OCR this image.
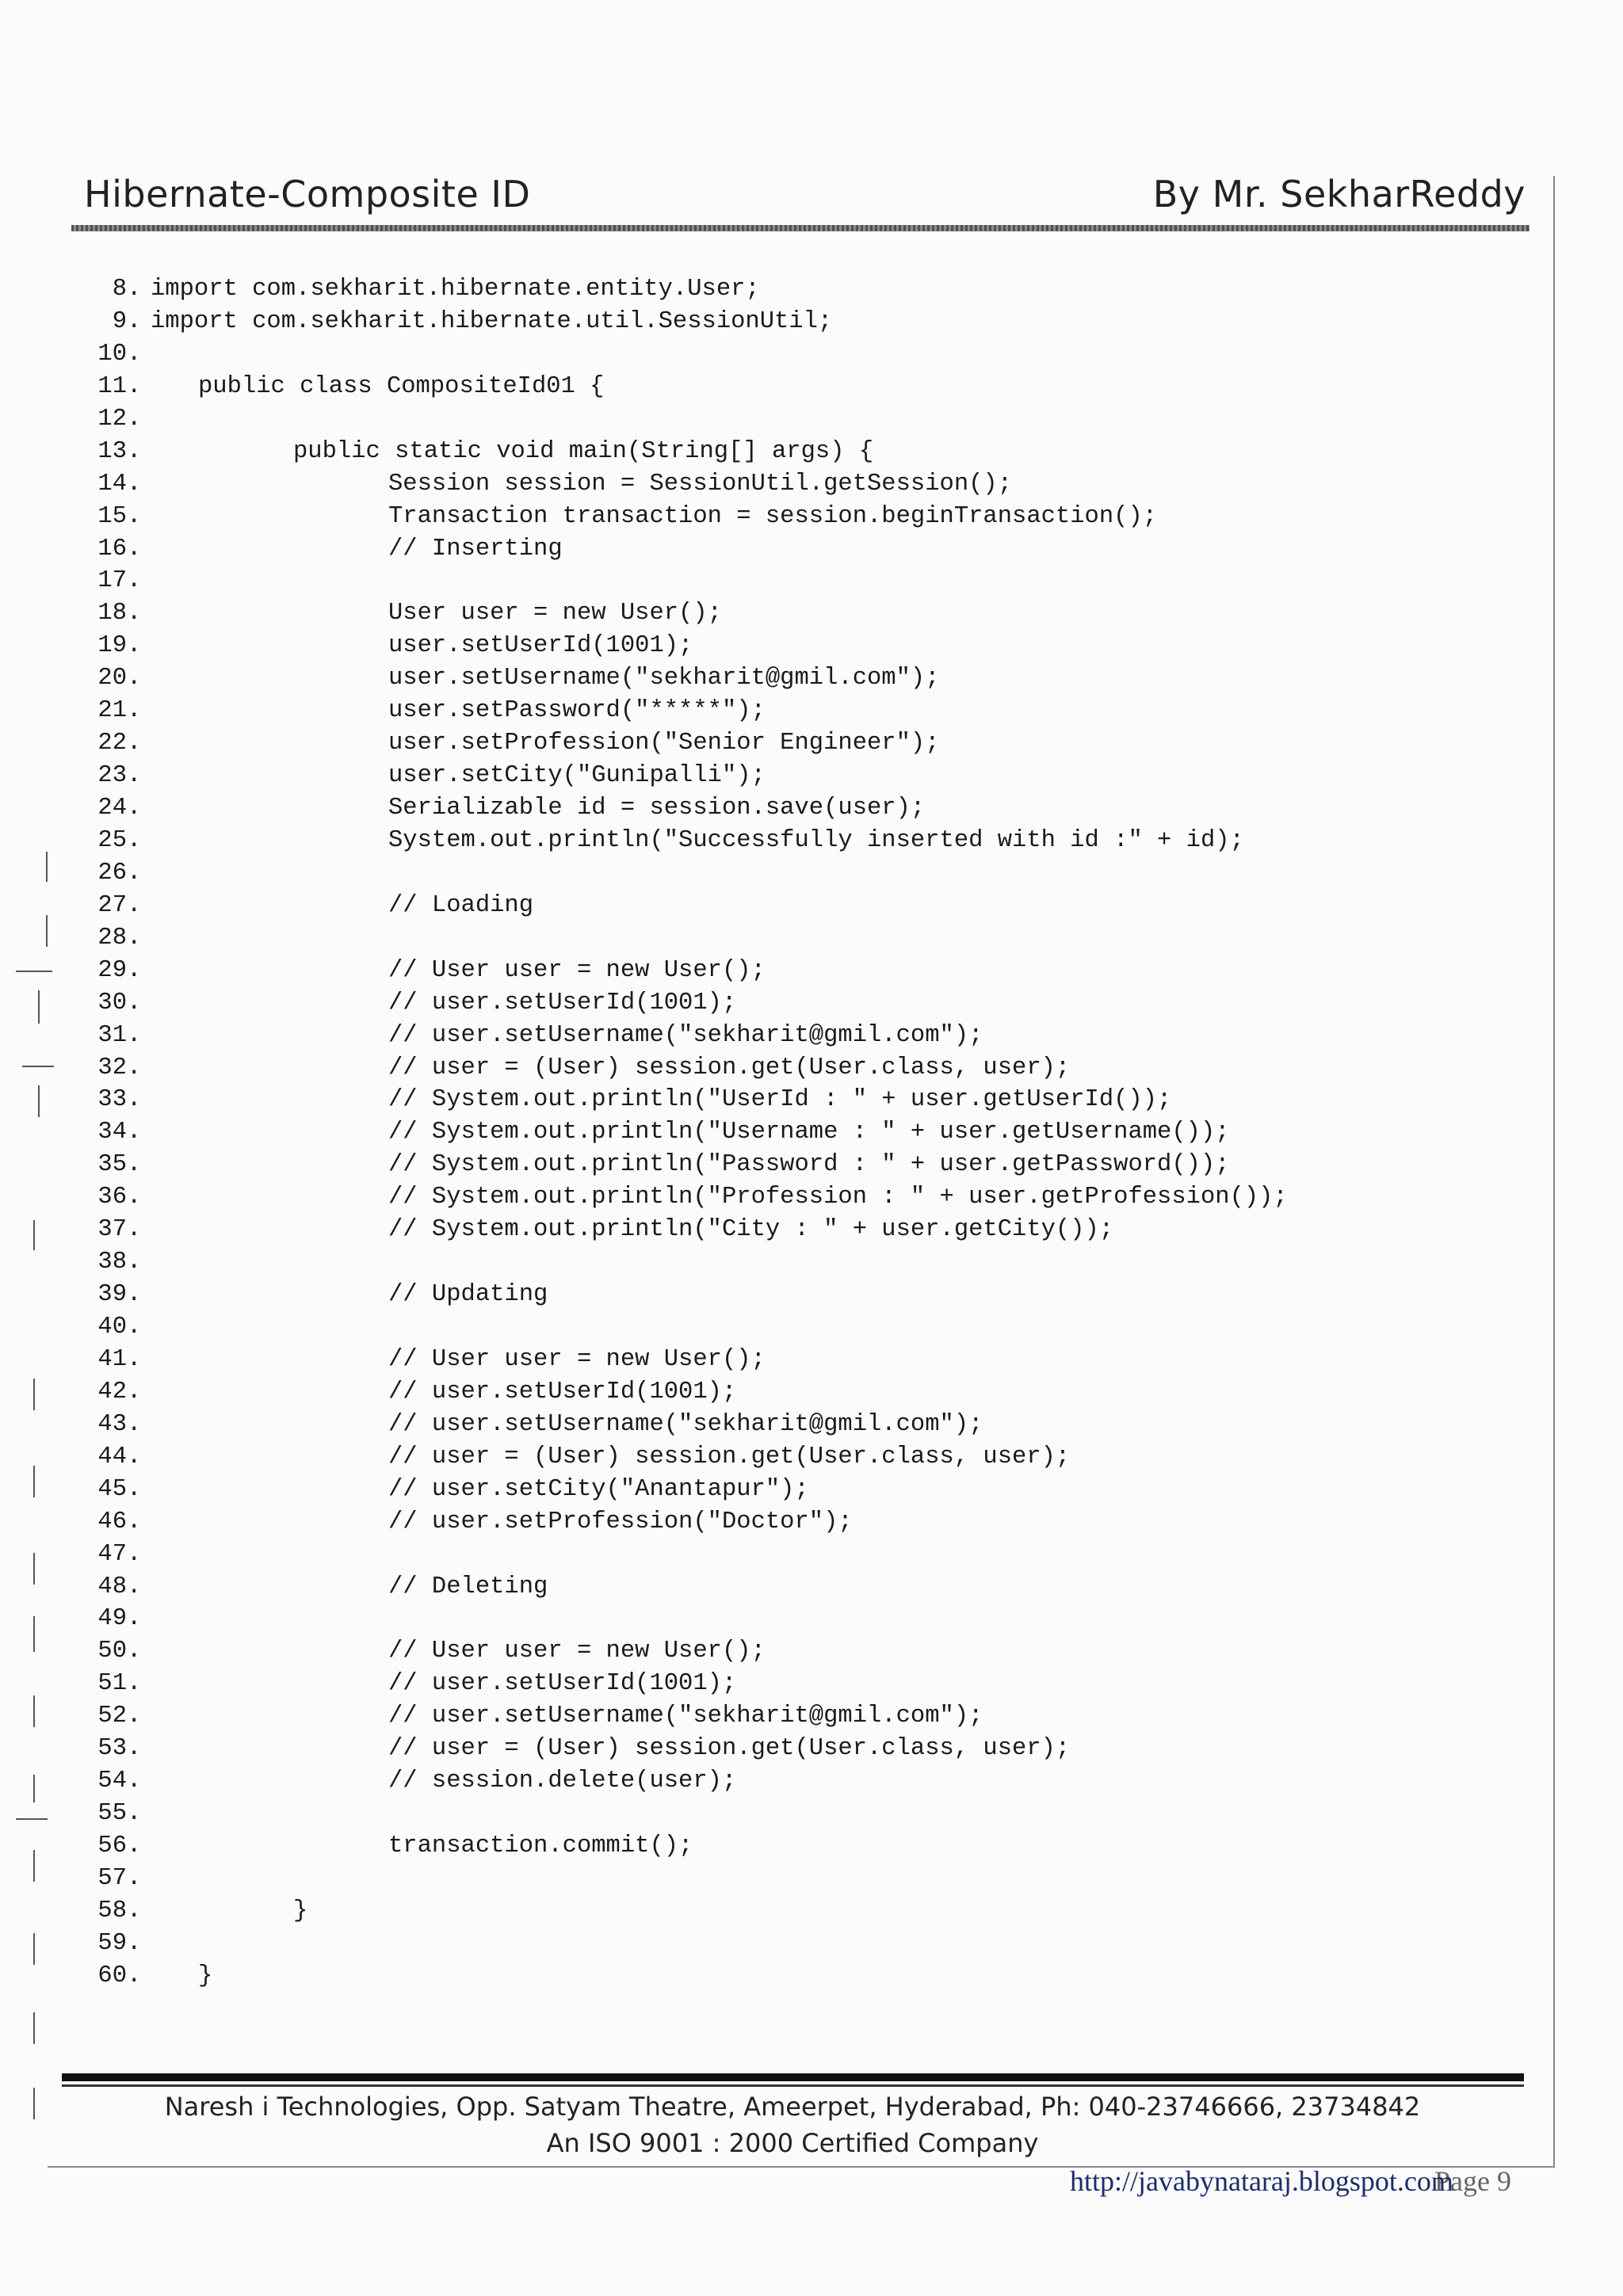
Hibernate-Composite ID	By Mr. SekharReddy
8. import com.sekharit.hibernate.entity.User;
9. import com.sekharit.hibernate.util.SessionUtil;
10.
11. public class CompositeId01 {
12.
13.	public static void main(String[] args) {
14.	Session session = SessionUtil.getSession();
15.	Transaction transaction = session.beginTransaction();
16.	// Inserting
17.
18.	User user = new User();
19.	user.setUserId(1001);
20.	user.setUsername("sekharit@gmil.com");
21.	user.setPassword("*****");
22.	user.setProfession("Senior Engineer");
23.	user.setCity("Gunipalli");
24.	Serializable id = session.save(user);
25.	System.out.println("Successfully inserted with id :" + id);
26.
27.	// Loading
28.
29.	// User user = new User();
30.	// user.setUserId(1001);
31.	// user.setUsername("sekharit@gmil.com");
32.	// user = (User) session.get(User.class, user);
33.	// System.out.println("UserId : " + user.getUserId());
34.	// System.out.println("Username : " + user.getUsername());
35.	// System.out.println("Password : " + user.getPassword());
36.	// System.out.println("Profession : " + user.getProfession());
37.	// System.out.println("City : " + user.getCity());
38.
39.	// Updating
40.
41.	// User user = new User();
42.	// user.setUserId(1001);
43.	// user.setUsername("sekharit@gmil.com");
44.	// user = (User) session.get(User.class, user);
45.	// user.setCity("Anantapur");
46.	// user.setProfession("Doctor");
47.
48.	// Deleting
49.
50.	// User user = new User();
51.	// user.setUserId(1001);
52.	// user.setUsername("sekharit@gmil.com");
53.	// user = (User) session.get(User.class, user);
54.	// session.delete(user);
55.
56.	transaction.commit();
57.
58.	}
59.
60. }
Naresh i Technologies, Opp. Satyam Theatre, Ameerpet, Hyderabad, Ph: 040-23746666, 23734842
An ISO 9001 : 2000 Certified Company
http://javabynataraj.blogspot.com
Page 9
